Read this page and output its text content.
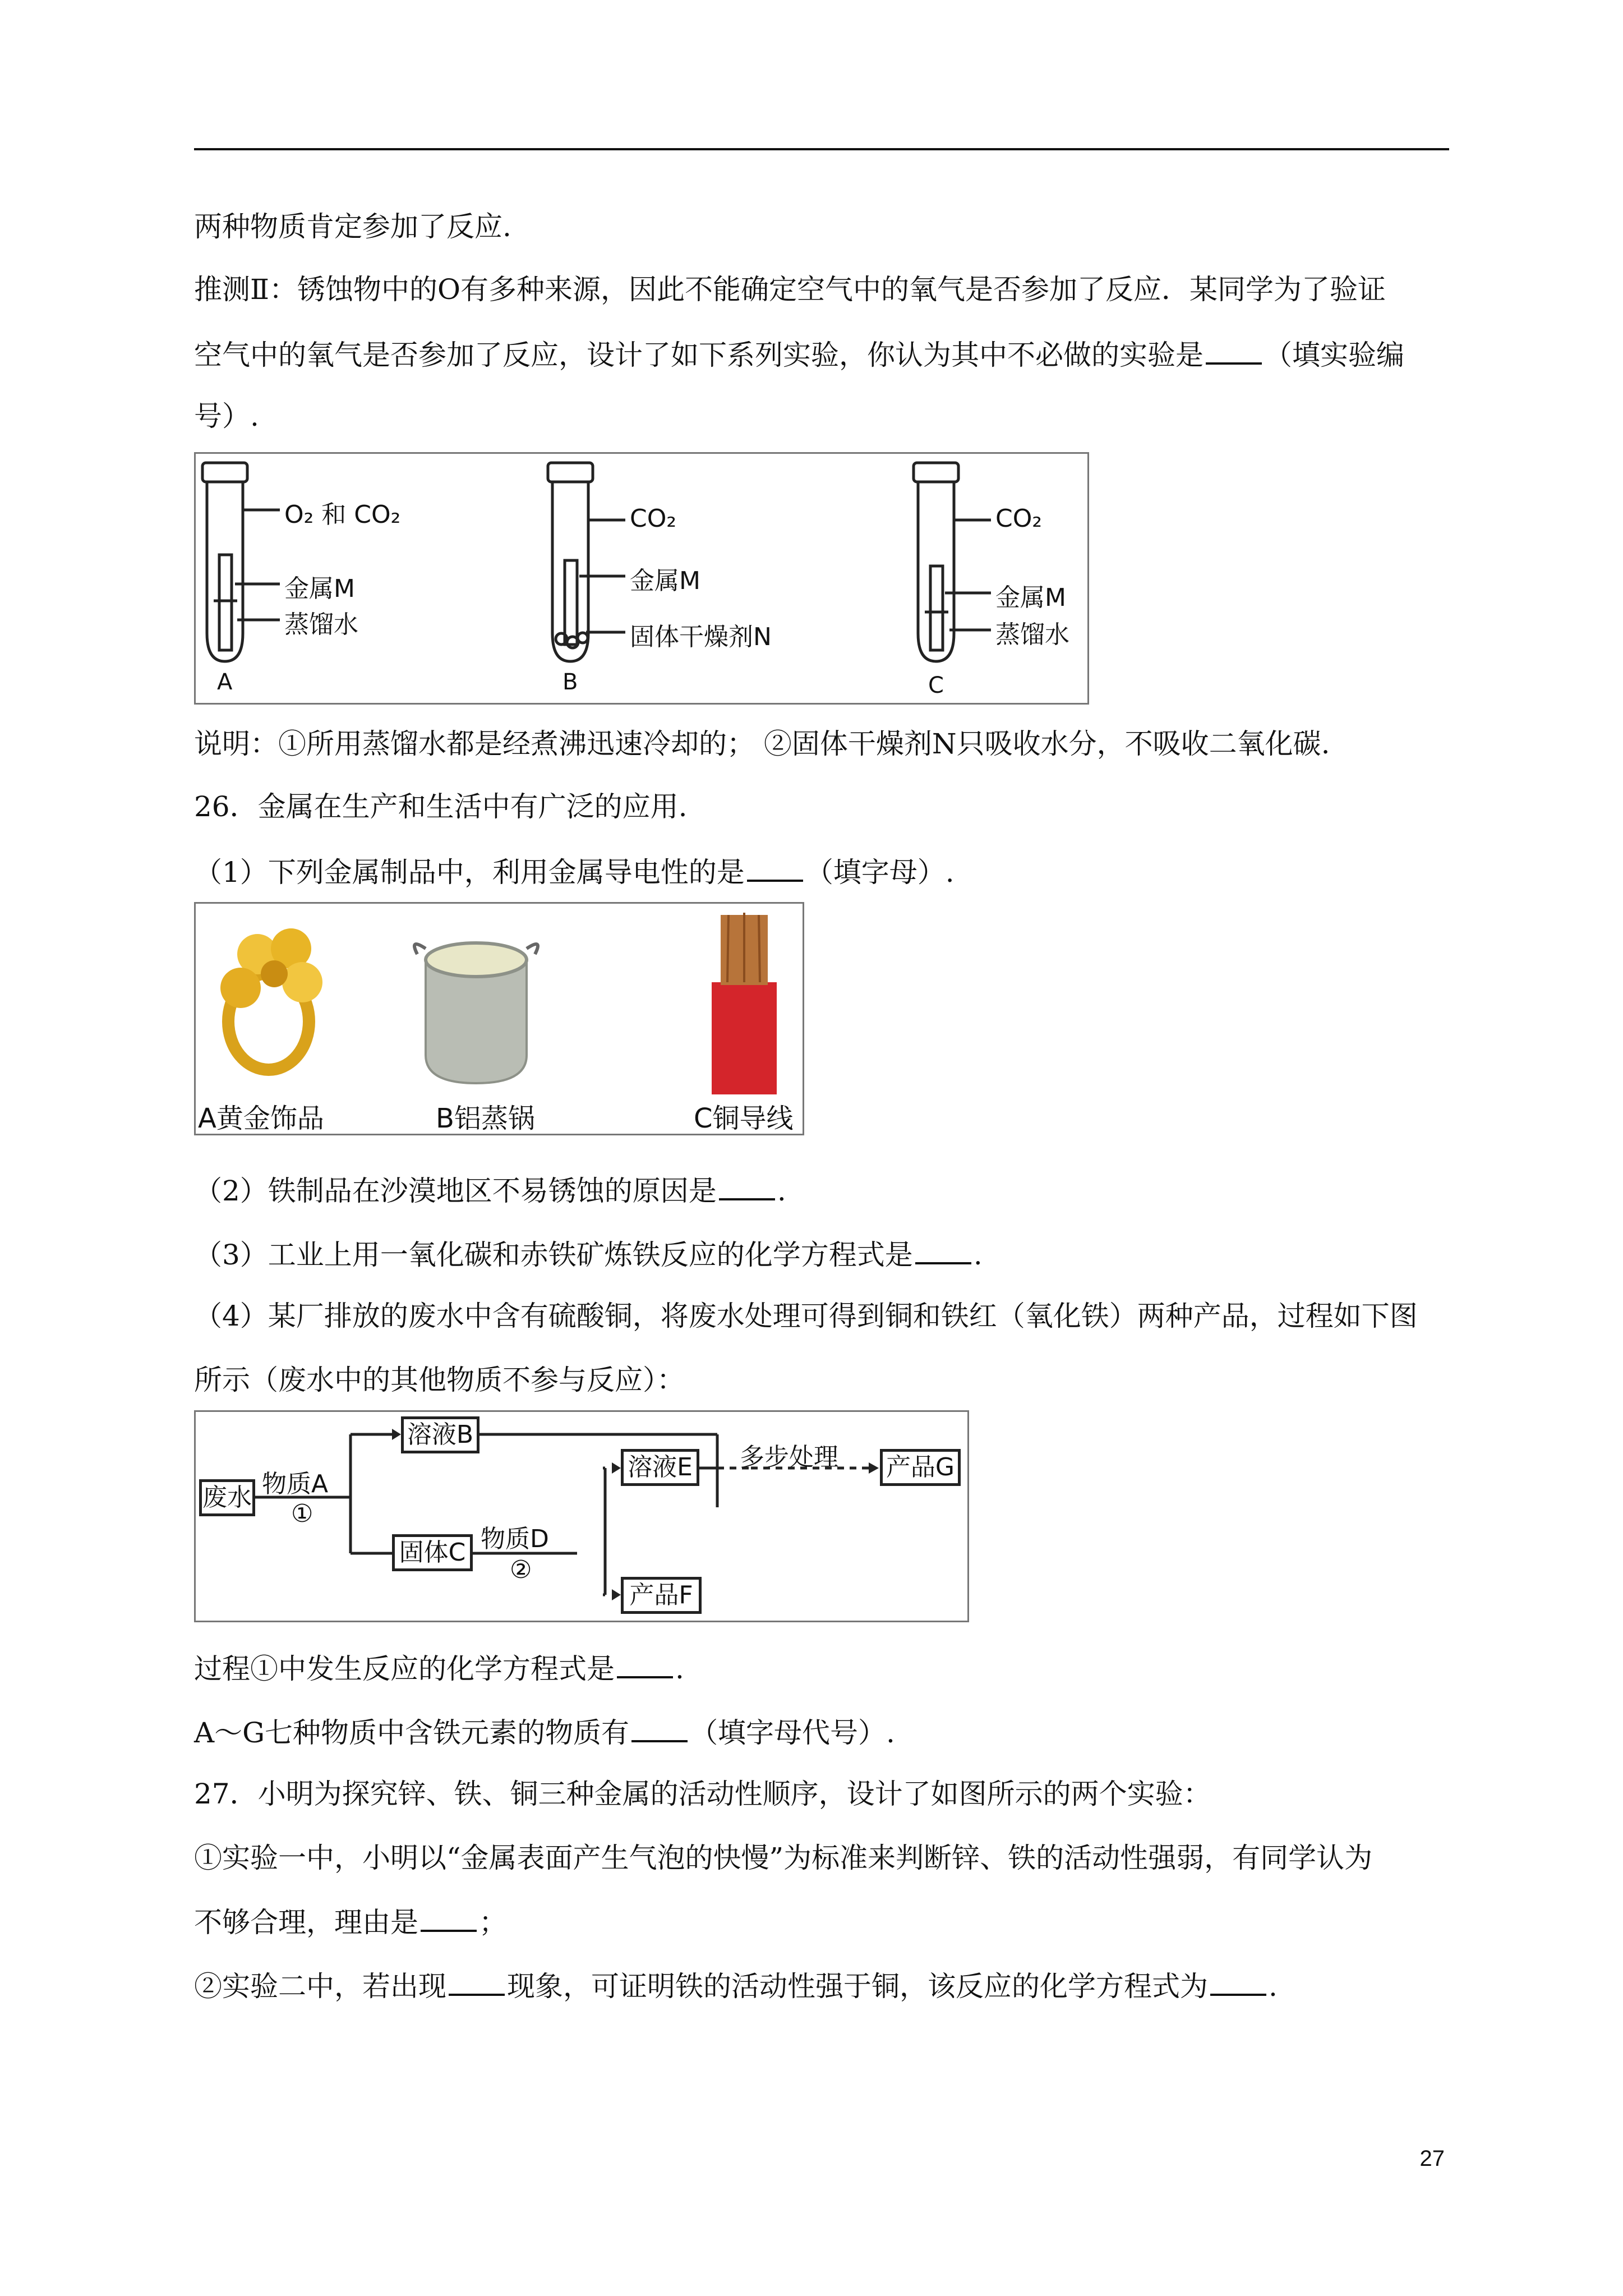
两种物质肯定参加了反应.
推测Ⅱ：锈蚀物中的O有多种来源，因此不能确定空气中的氧气是否参加了反应．某同学为了验证
空气中的氧气是否参加了反应，设计了如下系列实验，你认为其中不必做的实验是 （填实验编
号）.
O₂ 和 CO₂
金属M
蒸馏水
A
CO₂
金属M
固体干燥剂N
B
CO₂
金属M
蒸馏水
C
说明：①所用蒸馏水都是经煮沸迅速冷却的； ②固体干燥剂N只吸收水分，不吸收二氧化碳.
26．金属在生产和生活中有广泛的应用.
（1）下列金属制品中，利用金属导电性的是 （填字母）.
A黄金饰品	B铝蒸锅	C铜导线
（2）铁制品在沙漠地区不易锈蚀的原因是 .
（3）工业上用一氧化碳和赤铁矿炼铁反应的化学方程式是 .
（4）某厂排放的废水中含有硫酸铜，将废水处理可得到铜和铁红（氧化铁）两种产品，过程如下图
所示（废水中的其他物质不参与反应）：
废水 物质A
①
溶液B
多步处理 产品G
固体C 物质D
②
溶液E
产品F
过程①中发生反应的化学方程式是 .
A～G七种物质中含铁元素的物质有 （填字母代号）.
27．小明为探究锌、铁、铜三种金属的活动性顺序，设计了如图所示的两个实验：
①实验一中，小明以“金属表面产生气泡的快慢”为标准来判断锌、铁的活动性强弱，有同学认为
不够合理，理由是 ；
②实验二中，若出现 现象，可证明铁的活动性强于铜，该反应的化学方程式为 .
27
